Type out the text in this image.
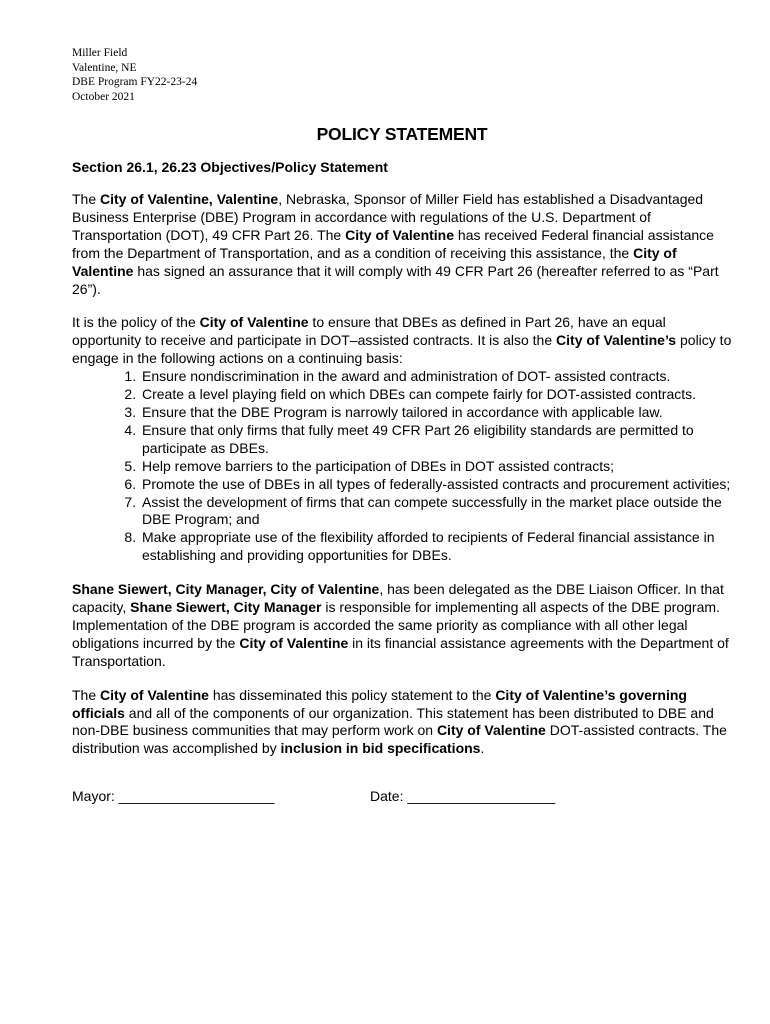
Miller Field
Valentine, NE
DBE Program FY22-23-24
October 2021
POLICY STATEMENT
Section 26.1, 26.23 Objectives/Policy Statement

The City of Valentine, Valentine, Nebraska, Sponsor of Miller Field has established a Disadvantaged Business Enterprise (DBE) Program in accordance with regulations of the U.S. Department of Transportation (DOT), 49 CFR Part 26. The City of Valentine has received Federal financial assistance from the Department of Transportation, and as a condition of receiving this assistance, the City of Valentine has signed an assurance that it will comply with 49 CFR Part 26 (hereafter referred to as “Part 26”).

It is the policy of the City of Valentine to ensure that DBEs as defined in Part 26, have an equal opportunity to receive and participate in DOT–assisted contracts. It is also the City of Valentine’s policy to engage in the following actions on a continuing basis:

1. Ensure nondiscrimination in the award and administration of DOT- assisted contracts.
2. Create a level playing field on which DBEs can compete fairly for DOT-assisted contracts.
3. Ensure that the DBE Program is narrowly tailored in accordance with applicable law.
4. Ensure that only firms that fully meet 49 CFR Part 26 eligibility standards are permitted to participate as DBEs.
5. Help remove barriers to the participation of DBEs in DOT assisted contracts;
6. Promote the use of DBEs in all types of federally-assisted contracts and procurement activities;
7. Assist the development of firms that can compete successfully in the market place outside the DBE Program; and
8. Make appropriate use of the flexibility afforded to recipients of Federal financial assistance in establishing and providing opportunities for DBEs.

Shane Siewert, City Manager, City of Valentine, has been delegated as the DBE Liaison Officer. In that capacity, Shane Siewert, City Manager is responsible for implementing all aspects of the DBE program. Implementation of the DBE program is accorded the same priority as compliance with all other legal obligations incurred by the City of Valentine in its financial assistance agreements with the Department of Transportation.

The City of Valentine has disseminated this policy statement to the City of Valentine’s governing officials and all of the components of our organization. This statement has been distributed to DBE and non-DBE business communities that may perform work on City of Valentine DOT-assisted contracts. The distribution was accomplished by inclusion in bid specifications.

Mayor: ____________________	Date: ___________________
